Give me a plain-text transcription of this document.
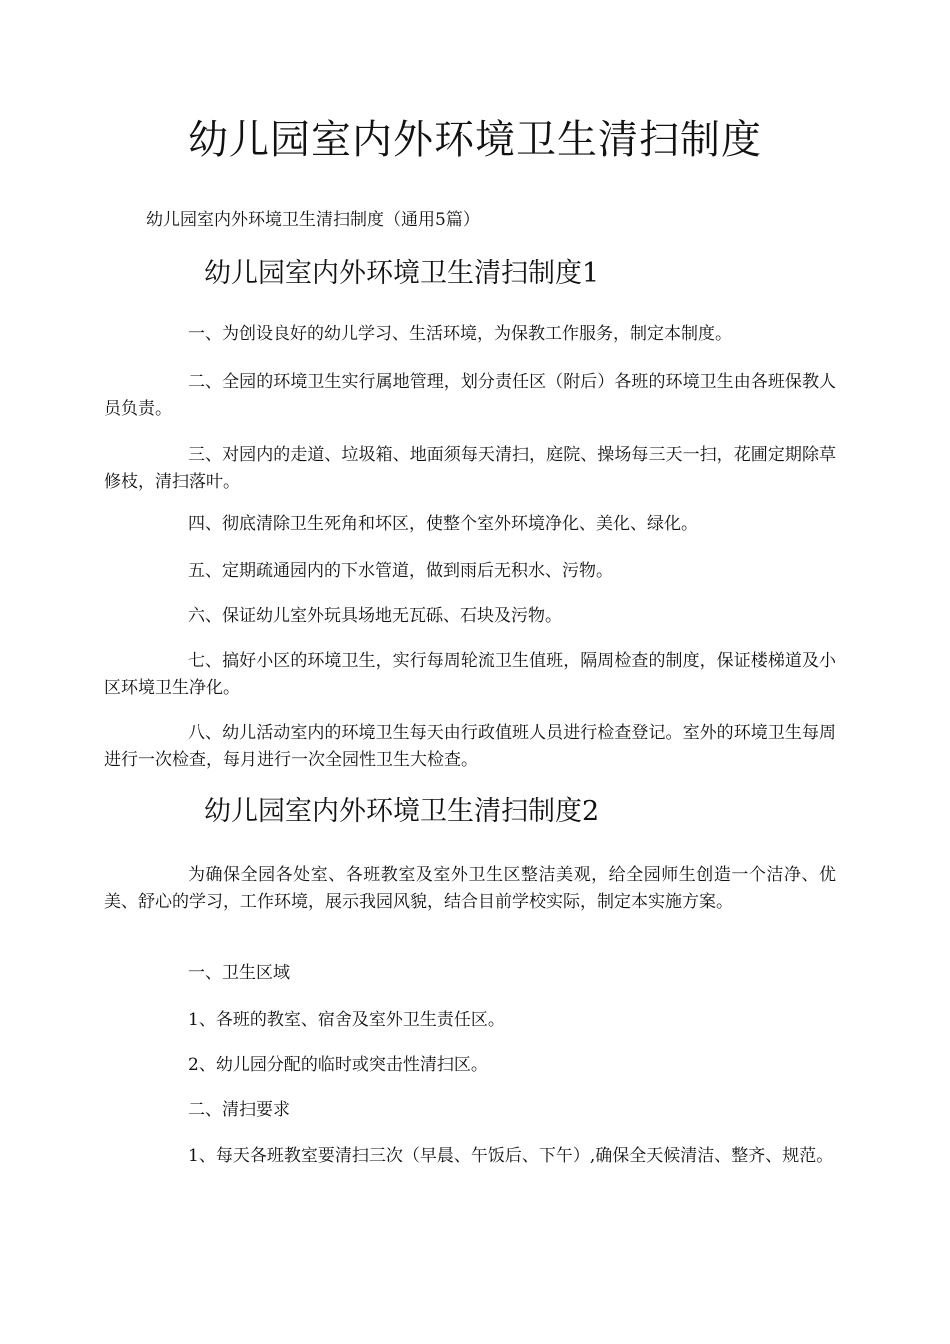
幼儿园室内外环境卫生清扫制度

幼儿园室内外环境卫生清扫制度（通用5篇）

幼儿园室内外环境卫生清扫制度1

一、为创设良好的幼儿学习、生活环境，为保教工作服务，制定本制度。

二、全园的环境卫生实行属地管理，划分责任区（附后）各班的环境卫生由各班保教人员负责。

三、对园内的走道、垃圾箱、地面须每天清扫，庭院、操场每三天一扫，花圃定期除草修枝，清扫落叶。

四、彻底清除卫生死角和坏区，使整个室外环境净化、美化、绿化。

五、定期疏通园内的下水管道，做到雨后无积水、污物。

六、保证幼儿室外玩具场地无瓦砾、石块及污物。

七、搞好小区的环境卫生，实行每周轮流卫生值班，隔周检查的制度，保证楼梯道及小区环境卫生净化。

八、幼儿活动室内的环境卫生每天由行政值班人员进行检查登记。室外的环境卫生每周进行一次检查，每月进行一次全园性卫生大检查。

幼儿园室内外环境卫生清扫制度2

为确保全园各处室、各班教室及室外卫生区整洁美观，给全园师生创造一个洁净、优美、舒心的学习，工作环境，展示我园风貌，结合目前学校实际，制定本实施方案。

一、卫生区域

1、各班的教室、宿舍及室外卫生责任区。

2、幼儿园分配的临时或突击性清扫区。

二、清扫要求

1、每天各班教室要清扫三次（早晨、午饭后、下午）,确保全天候清洁、整齐、规范。
